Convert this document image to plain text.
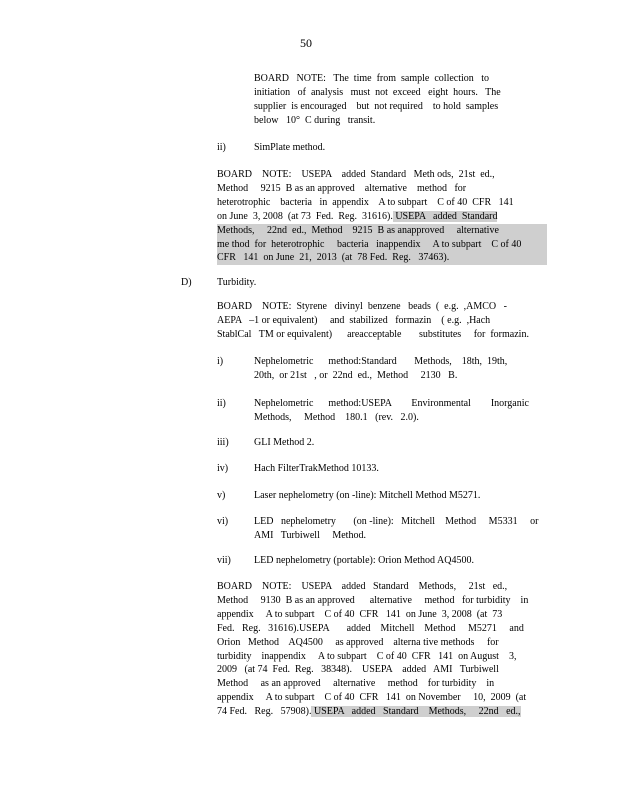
50
BOARD   NOTE:   The  time  from  sample  collection   to
initiation   of  analysis   must  not  exceed   eight  hours.   The
supplier  is encouraged    but  not required    to hold  samples
below   10°  C during   transit.
ii)	SimPlate method.
BOARD    NOTE:    USEPA    added  Standard   Meth ods,  21st  ed.,
Method     9215  B as an approved    alternative    method   for
heterotrophic    bacteria   in  appendix    A to subpart    C of 40  CFR   141
on June  3, 2008  (at 73  Fed.  Reg.  31616). USEPA   added  Standard
Methods,     22nd  ed.,  Method    9215  B as anapproved     alternative
me thod  for  heterotrophic     bacteria   inappendix     A to subpart    C of 40
CFR   141  on June  21,  2013  (at  78 Fed.  Reg.   37463).
D)	Turbidity.
BOARD    NOTE:  Styrene   divinyl  benzene   beads  (  e.g.  ,AMCO   -
AEPA   –1 or equivalent)     and  stabilized   formazin    ( e.g.  ,Hach
StablCal   TM or equivalent)      areacceptable       substitutes     for  formazin.
i)	Nephelometric      method:Standard       Methods,    18th,  19th,
20th,  or 21st   , or  22nd  ed.,  Method     2130   B.
ii)	Nephelometric      method:USEPA        Environmental        Inorganic
Methods,     Method    180.1   (rev.   2.0).
iii)	GLI Method 2.
iv)	Hach FilterTrakMethod 10133.
v)	Laser nephelometry (on -line): Mitchell Method M5271.
vi)	LED   nephelometry       (on -line):   Mitchell    Method     M5331     or
AMI   Turbiwell     Method.
vii) LED nephelometry (portable): Orion Method AQ4500.
BOARD    NOTE:    USEPA    added   Standard    Methods,     21st   ed.,
Method     9130  B as an approved      alternative     method   for turbidity    in
appendix     A to subpart    C of 40  CFR   141  on June  3, 2008  (at  73
Fed.   Reg.   31616).USEPA       added    Mitchell    Method     M5271     and
Orion   Method    AQ4500     as approved    alterna tive methods     for
turbidity    inappendix     A to subpart    C of 40  CFR   141  on August    3,
2009   (at 74  Fed.  Reg.   38348).    USEPA    added   AMI   Turbiwell
Method     as an approved     alternative     method    for turbidity    in
appendix     A to subpart    C of 40  CFR   141  on November     10,  2009  (at
74 Fed.   Reg.   57908). USEPA   added   Standard    Methods,     22nd   ed.,
